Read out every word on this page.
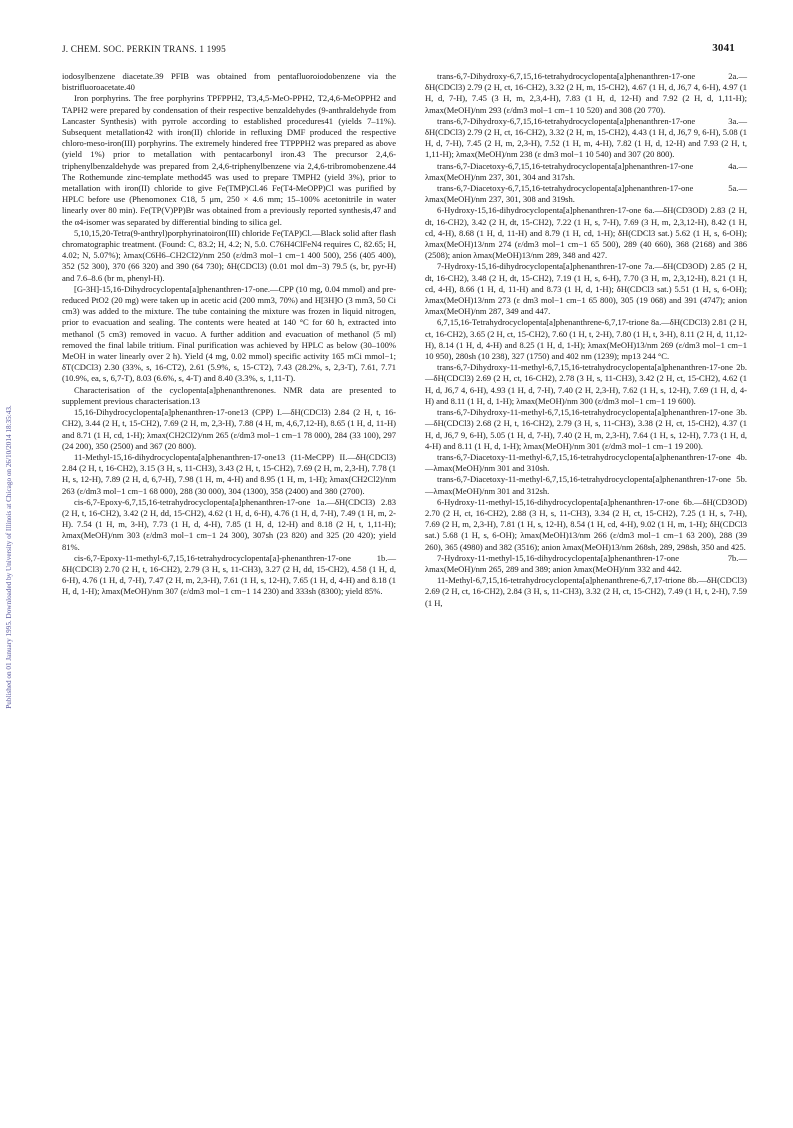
J. CHEM. SOC. PERKIN TRANS. 1 1995	3041
Published on 01 January 1995. Downloaded by University of Illinois at Chicago on 26/10/2014 18:35:43.

iodosylbenzene diacetate.39 PFIB was obtained from pentafluoroiodobenzene via the bistrifluoroacetate.40

Iron porphyrins. The free porphyrins TPFPPH2, T3,4,5-MeO-PPH2, T2,4,6-MeOPPH2 and TAPH2 were prepared by condensation of their respective benzaldehydes (9-anthraldehyde from Lancaster Synthesis) with pyrrole according to established procedures41 (yields 7–11%). Subsequent metallation42 with iron(II) chloride in refluxing DMF produced the respective chloro-meso-iron(III) porphyrins. The extremely hindered free TTPPPH2 was prepared as above (yield 1%) prior to metallation with pentacarbonyl iron.43 The precursor 2,4,6-triphenylbenzaldehyde was prepared from 2,4,6-triphenylbenzene via 2,4,6-tribromobenzene.44 The Rothemunde zinc-template method45 was used to prepare TMPH2 (yield 3%), prior to metallation with iron(II) chloride to give Fe(TMP)Cl.46 Fe(T4-MeOPP)Cl was purified by HPLC before use (Phenomonex C18, 5 μm, 250 × 4.6 mm; 15–100% acetonitrile in water linearly over 80 min). Fe(TP(V)PP)Br was obtained from a previously reported synthesis,47 and the α4-isomer was separated by differential binding to silica gel.

5,10,15,20-Tetra(9-anthryl)porphyrinatoiron(III) chloride Fe(TAP)Cl.—Black solid after flash chromatographic treatment. (Found: C, 83.2; H, 4.2; N, 5.0. C76H4ClFeN4 requires C, 82.65; H, 4.02; N, 5.07%); λmax(C6H6–CH2Cl2)/nm 250 (ε/dm3 mol−1 cm−1 400 500), 256 (405 400), 352 (52 300), 370 (66 320) and 390 (64 730); δH(CDCl3) (0.01 mol dm−3) 79.5 (s, br, pyr-H) and 7.6–8.6 (br m, phenyl-H).

[G-3H]-15,16-Dihydrocyclopenta[a]phenanthren-17-one.—CPP (10 mg, 0.04 mmol) and pre-reduced PtO2 (20 mg) were taken up in acetic acid (200 mm3, 70%) and H[3H]O (3 mm3, 50 Ci cm3) was added to the mixture. The tube containing the mixture was frozen in liquid nitrogen, prior to evacuation and sealing. The contents were heated at 140 °C for 60 h, extracted into methanol (5 cm3) removed in vacuo. A further addition and evacuation of methanol (5 ml) removed the final labile tritium. Final purification was achieved by HPLC as below (30–100% MeOH in water linearly over 2 h). Yield (4 mg, 0.02 mmol) specific activity 165 mCi mmol−1; δT(CDCl3) 2.30 (33%, s, 16-CT2), 2.61 (5.9%, s, 15-CT2), 7.43 (28.2%, s, 2,3-T), 7.61, 7.71 (10.9%, ea, s, 6,7-T), 8.03 (6.6%, s, 4-T) and 8.40 (3.3%, s, 1,11-T).

Characterisation of the cyclopenta[a]phenanthrenones. NMR data are presented to supplement previous characterisation.13

15,16-Dihydrocyclopenta[a]phenanthren-17-one13 (CPP) I.—δH(CDCl3) 2.84 (2 H, t, 16-CH2), 3.44 (2 H, t, 15-CH2), 7.69 (2 H, m, 2,3-H), 7.88 (4 H, m, 4,6,7,12-H), 8.65 (1 H, d, 11-H) and 8.71 (1 H, cd, 1-H); λmax(CH2Cl2)/nm 265 (ε/dm3 mol−1 cm−1 78 000), 284 (33 100), 297 (24 200), 350 (2500) and 367 (20 800).

11-Methyl-15,16-dihydrocyclopenta[a]phenanthren-17-one13 (11-MeCPP) II.—δH(CDCl3) 2.84 (2 H, t, 16-CH2), 3.15 (3 H, s, 11-CH3), 3.43 (2 H, t, 15-CH2), 7.69 (2 H, m, 2,3-H), 7.78 (1 H, s, 12-H), 7.89 (2 H, d, 6,7-H), 7.98 (1 H, m, 4-H) and 8.95 (1 H, m, 1-H); λmax(CH2Cl2)/nm 263 (ε/dm3 mol−1 cm−1 68 000), 288 (30 000), 304 (1300), 358 (2400) and 380 (2700).

cis-6,7-Epoxy-6,7,15,16-tetrahydrocyclopenta[a]phenanthren-17-one 1a.—δH(CDCl3) 2.83 (2 H, t, 16-CH2), 3.42 (2 H, dd, 15-CH2), 4.62 (1 H, d, 6-H), 4.76 (1 H, d, 7-H), 7.49 (1 H, m, 2-H). 7.54 (1 H, m, 3-H), 7.73 (1 H, d, 4-H), 7.85 (1 H, d, 12-H) and 8.18 (2 H, t, 1,11-H); λmax(MeOH)/nm 303 (ε/dm3 mol−1 cm−1 24 300), 307sh (23 820) and 325 (20 420); yield 81%.

cis-6,7-Epoxy-11-methyl-6,7,15,16-tetrahydrocyclopenta[a]-phenanthren-17-one 1b.—δH(CDCl3) 2.70 (2 H, t, 16-CH2), 2.79 (3 H, s, 11-CH3), 3.27 (2 H, dd, 15-CH2), 4.58 (1 H, d, 6-H), 4.76 (1 H, d, 7-H), 7.47 (2 H, m, 2,3-H), 7.61 (1 H, s, 12-H), 7.65 (1 H, d, 4-H) and 8.18 (1 H, d, 1-H); λmax(MeOH)/nm 307 (ε/dm3 mol−1 cm−1 14 230) and 333sh (8300); yield 85%.

trans-6,7-Dihydroxy-6,7,15,16-tetrahydrocyclopenta[a]phenanthren-17-one 2a.—δH(CDCl3) 2.79 (2 H, ct, 16-CH2), 3.32 (2 H, m, 15-CH2), 4.67 (1 H, d, J6,7 4, 6-H), 4.97 (1 H, d, 7-H), 7.45 (3 H, m, 2,3,4-H), 7.83 (1 H, d, 12-H) and 7.92 (2 H, d, 1,11-H); λmax(MeOH)/nm 293 (ε/dm3 mol−1 cm−1 10 520) and 308 (20 770).

trans-6,7-Dihydroxy-6,7,15,16-tetrahydrocyclopenta[a]phenanthren-17-one 3a.—δH(CDCl3) 2.79 (2 H, ct, 16-CH2), 3.32 (2 H, m, 15-CH2), 4.43 (1 H, d, J6,7 9, 6-H), 5.08 (1 H, d, 7-H), 7.45 (2 H, m, 2,3-H), 7.52 (1 H, m, 4-H), 7.82 (1 H, d, 12-H) and 7.93 (2 H, t, 1,11-H); λmax(MeOH)/nm 238 (ε dm3 mol−1 10 540) and 307 (20 800).

trans-6,7-Diacetoxy-6,7,15,16-tetrahydrocyclopenta[a]phenanthren-17-one 4a.—λmax(MeOH)/nm 237, 301, 304 and 317sh.

trans-6,7-Diacetoxy-6,7,15,16-tetrahydrocyclopenta[a]phenanthren-17-one 5a.—λmax(MeOH)/nm 237, 301, 308 and 319sh.

6-Hydroxy-15,16-dihydrocyclopenta[a]phenanthren-17-one 6a.—δH(CD3OD) 2.83 (2 H, dt, 16-CH2), 3.42 (2 H, dt, 15-CH2), 7.22 (1 H, s, 7-H), 7.69 (3 H, m, 2,3,12-H), 8.42 (1 H, cd, 4-H), 8.68 (1 H, d, 11-H) and 8.79 (1 H, cd, 1-H); δH(CDCl3 sat.) 5.62 (1 H, s, 6-OH); λmax(MeOH)13/nm 274 (ε/dm3 mol−1 cm−1 65 500), 289 (40 660), 368 (2168) and 386 (2508); anion λmax(MeOH)13/nm 289, 348 and 427.

7-Hydroxy-15,16-dihydrocyclopenta[a]phenanthren-17-one 7a.—δH(CD3OD) 2.85 (2 H, dt, 16-CH2), 3.48 (2 H, dt, 15-CH2), 7.19 (1 H, s, 6-H), 7.70 (3 H, m, 2,3,12-H), 8.21 (1 H, cd, 4-H), 8.66 (1 H, d, 11-H) and 8.73 (1 H, d, 1-H); δH(CDCl3 sat.) 5.51 (1 H, s, 6-OH); λmax(MeOH)13/nm 273 (ε dm3 mol−1 cm−1 65 800), 305 (19 068) and 391 (4747); anion λmax(MeOH)/nm 287, 349 and 447.

6,7,15,16-Tetrahydrocyclopenta[a]phenanthrene-6,7,17-trione 8a.—δH(CDCl3) 2.81 (2 H, ct, 16-CH2), 3.65 (2 H, ct, 15-CH2), 7.60 (1 H, t, 2-H), 7.80 (1 H, t, 3-H), 8.11 (2 H, d, 11,12-H), 8.14 (1 H, d, 4-H) and 8.25 (1 H, d, 1-H); λmax(MeOH)13/nm 269 (ε/dm3 mol−1 cm−1 10 950), 280sh (10 238), 327 (1750) and 402 nm (1239); mp13 244 °C.

trans-6,7-Dihydroxy-11-methyl-6,7,15,16-tetrahydrocyclopenta[a]phenanthren-17-one 2b.—δH(CDCl3) 2.69 (2 H, ct, 16-CH2), 2.78 (3 H, s, 11-CH3), 3.42 (2 H, ct, 15-CH2), 4.62 (1 H, d, J6,7 4, 6-H), 4.93 (1 H, d, 7-H), 7.40 (2 H, 2,3-H), 7.62 (1 H, s, 12-H), 7.69 (1 H, d, 4-H) and 8.11 (1 H, d, 1-H); λmax(MeOH)/nm 300 (ε/dm3 mol−1 cm−1 19 600).

trans-6,7-Dihydroxy-11-methyl-6,7,15,16-tetrahydrocyclopenta[a]phenanthren-17-one 3b.—δH(CDCl3) 2.68 (2 H, t, 16-CH2), 2.79 (3 H, s, 11-CH3), 3.38 (2 H, ct, 15-CH2), 4.37 (1 H, d, J6,7 9, 6-H), 5.05 (1 H, d, 7-H), 7.40 (2 H, m, 2,3-H), 7.64 (1 H, s, 12-H), 7.73 (1 H, d, 4-H) and 8.11 (1 H, d, 1-H); λmax(MeOH)/nm 301 (ε/dm3 mol−1 cm−1 19 200).

trans-6,7-Diacetoxy-11-methyl-6,7,15,16-tetrahydrocyclopenta[a]phenanthren-17-one 4b.—λmax(MeOH)/nm 301 and 310sh.

trans-6,7-Diacetoxy-11-methyl-6,7,15,16-tetrahydrocyclopenta[a]phenanthren-17-one 5b.—λmax(MeOH)/nm 301 and 312sh.

6-Hydroxy-11-methyl-15,16-dihydrocyclopenta[a]phenanthren-17-one 6b.—δH(CD3OD) 2.70 (2 H, ct, 16-CH2), 2.88 (3 H, s, 11-CH3), 3.34 (2 H, ct, 15-CH2), 7.25 (1 H, s, 7-H), 7.69 (2 H, m, 2,3-H), 7.81 (1 H, s, 12-H), 8.54 (1 H, cd, 4-H), 9.02 (1 H, m, 1-H); δH(CDCl3 sat.) 5.68 (1 H, s, 6-OH); λmax(MeOH)13/nm 266 (ε/dm3 mol−1 cm−1 63 200), 288 (39 260), 365 (4980) and 382 (3516); anion λmax(MeOH)13/nm 268sh, 289, 298sh, 350 and 425.

7-Hydroxy-11-methyl-15,16-dihydrocyclopenta[a]phenanthren-17-one 7b.—λmax(MeOH)/nm 265, 289 and 389; anion λmax(MeOH)/nm 332 and 442.

11-Methyl-6,7,15,16-tetrahydrocyclopenta[a]phenanthrene-6,7,17-trione 8b.—δH(CDCl3) 2.69 (2 H, ct, 16-CH2), 2.84 (3 H, s, 11-CH3), 3.32 (2 H, ct, 15-CH2), 7.49 (1 H, t, 2-H), 7.59 (1 H,
